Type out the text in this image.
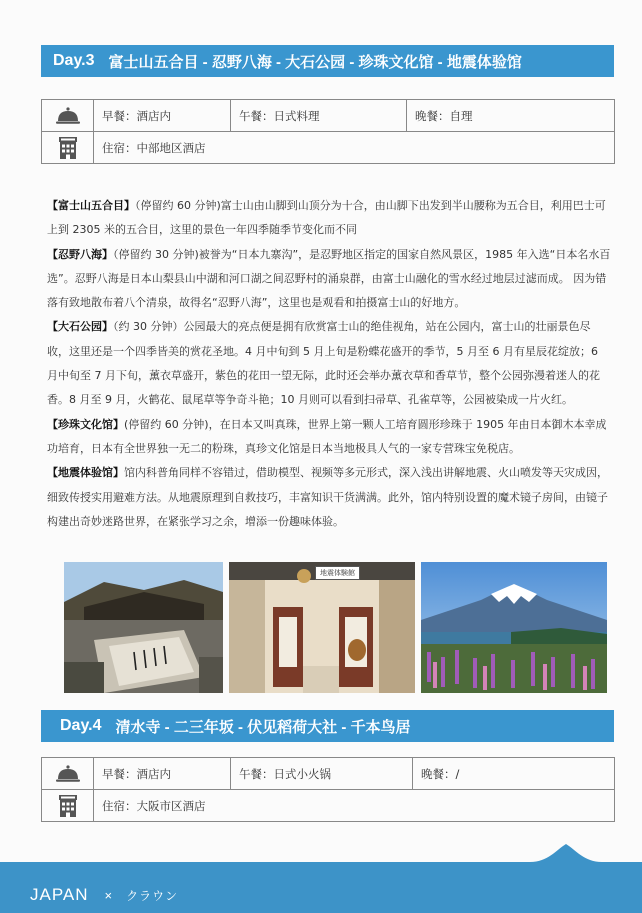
Day.3 富士山五合目 - 忍野八海 - 大石公园 - 珍珠文化馆 - 地震体验馆
	早餐：酒店内	午餐：日式料理	晚餐：自理

	住宿：中部地区酒店		

【富士山五合目】（停留约 60 分钟)富士山由山脚到山顶分为十合，由山脚下出发到半山腰称为五合目，利用巴士可上到 2305 米的五合目，这里的景色一年四季随季节变化而不同

【忍野八海】（停留约 30 分钟)被誉为“日本九寨沟”，是忍野地区指定的国家自然风景区，1985 年入选“日本名水百选”。忍野八海是日本山梨县山中湖和河口湖之间忍野村的涌泉群，由富士山融化的雪水经过地层过滤而成。 因为错落有致地散布着八个清泉，故得名“忍野八海”，这里也是观看和拍摄富士山的好地方。

【大石公园】（约 30 分钟）公园最大的亮点便是拥有欣赏富士山的绝佳视角，站在公园内，富士山的壮丽景色尽收，这里还是一个四季皆美的赏花圣地。4 月中旬到 5 月上旬是粉蝶花盛开的季节，5 月至 6 月有星辰花绽放；6 月中旬至 7 月下旬，薰衣草盛开，紫色的花田一望无际，此时还会举办薰衣草和香草节，整个公园弥漫着迷人的花香。8 月至 9 月，火鹤花、鼠尾草等争奇斗艳；10 月则可以看到扫帚草、孔雀草等，公园被染成一片火红。

【珍珠文化馆】(停留约 60 分钟)，在日本又叫真珠，世界上第一颗人工培育圆形珍珠于 1905 年由日本御木本幸成功培育，日本有全世界独一无二的粉珠，真珍文化馆是日本当地极具人气的一家专营珠宝免税店。

【地震体验馆】馆内科普角同样不容错过，借助模型、视频等多元形式，深入浅出讲解地震、火山喷发等天灾成因，细致传授实用避难方法。从地震原理到自救技巧，丰富知识干货满满。此外，馆内特别设置的魔术镜子房间，由镜子构建出奇妙迷路世界，在紧张学习之余，增添一份趣味体验。

地震体験館
Day.4 清水寺 - 二三年坂 - 伏见稻荷大社 - 千本鸟居
	早餐：酒店内	午餐：日式小火锅	晚餐：/

	住宿：大阪市区酒店		
JAPAN × クラウン
